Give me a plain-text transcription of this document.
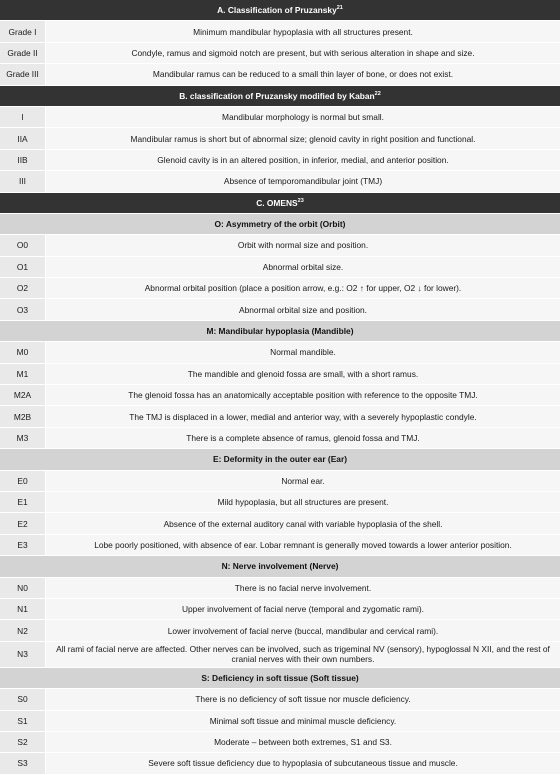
A. Classification of Pruzansky$^{21}$
Grade I	Minimum mandibular hypoplasia with all structures present.
Grade II	Condyle, ramus and sigmoid notch are present, but with serious alteration in shape and size.
Grade III	Mandibular ramus can be reduced to a small thin layer of bone, or does not exist.
B. classification of Pruzansky modified by Kaban$^{22}$
I	Mandibular morphology is normal but small.
IIA	Mandibular ramus is short but of abnormal size; glenoid cavity in right position and functional.
IIB	Glenoid cavity is in an altered position, in inferior, medial, and anterior position.
III	Absence of temporomandibular joint (TMJ)
C. OMENS$^{23}$
O: Asymmetry of the orbit (Orbit)	
O0	Orbit with normal size and position.
O1	Abnormal orbital size.
O2	Abnormal orbital position (place a position arrow, e.g.: O2 ↑ for upper, O2 ↓ for lower).
O3	Abnormal orbital size and position.
M: Mandibular hypoplasia (Mandible)	
M0	Normal mandible.
M1	The mandible and glenoid fossa are small, with a short ramus.
M2A	The glenoid fossa has an anatomically acceptable position with reference to the opposite TMJ.
M2B	The TMJ is displaced in a lower, medial and anterior way, with a severely hypoplastic condyle.
M3	There is a complete absence of ramus, glenoid fossa and TMJ.
E: Deformity in the outer ear (Ear)	
E0	Normal ear.
E1	Mild hypoplasia, but all structures are present.
E2	Absence of the external auditory canal with variable hypoplasia of the shell.
E3	Lobe poorly positioned, with absence of ear. Lobar remnant is generally moved towards a lower anterior position.
N: Nerve involvement (Nerve)	
N0	There is no facial nerve involvement.
N1	Upper involvement of facial nerve (temporal and zygomatic rami).
N2	Lower involvement of facial nerve (buccal, mandibular and cervical rami).
N3	All rami of facial nerve are affected. Other nerves can be involved, such as trigeminal NV (sensory), hypoglossal N XII, and the rest of cranial nerves with their own numbers.
S: Deficiency in soft tissue (Soft tissue)	
S0	There is no deficiency of soft tissue nor muscle deficiency.
S1	Minimal soft tissue and minimal muscle deficiency.
S2	Moderate – between both extremes, S1 and S3.
S3	Severe soft tissue deficiency due to hypoplasia of subcutaneous tissue and muscle.
